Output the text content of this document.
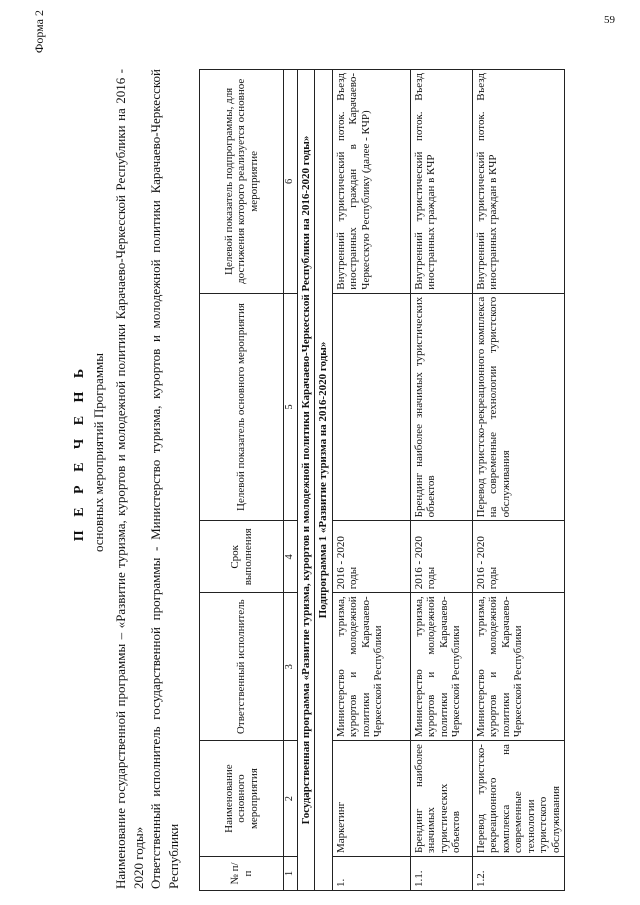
59
Форма 2
П Е Р Е Ч Е Н Ь основных мероприятий Программы Наименование государственной программы – «Развитие туризма, курортов и молодежной политики Карачаево-Черкесской Республики на 2016 - 2020 годы» Ответственный исполнитель государственной программы - Министерство туризма, курортов и молодежной политики Карачаево-Черкесской Республики	№ п/п	Наименование основного мероприятия	Ответственный исполнитель	Срок выполнения	Целевой показатель основного мероприятия	Целевой показатель подпрограммы, для достижения которого реализуется основное мероприятие
1	2	3	4	5	6
Государственная программа «Развитие туризма, курортов и молодежной политики Карачаево-Черкесской Республики на 2016-2020 годы»					
Подпрограмма 1 «Развитие туризма на 2016-2020 годы»					
1.	Маркетинг	Министерство туризма, курортов и молодежной политики Карачаево-Черкесской Республики	2016 - 2020 годы		Внутренний туристический поток. Въезд иностранных граждан в Карачаево-Черкесскую Республику (далее - КЧР)
1.1.	Брендинг наиболее значимых туристических объектов	Министерство туризма, курортов и молодежной политики Карачаево-Черкесской Республики	2016 - 2020 годы	Брендинг наиболее значимых туристических объектов	Внутренний туристический поток. Въезд иностранных граждан в КЧР
1.2.	Перевод туристско-рекреационного комплекса на современные технологии туристского обслуживания	Министерство туризма, курортов и молодежной политики Карачаево-Черкесской Республики	2016 - 2020 годы	Перевод туристско-рекреационного комплекса на современные технологии туристского обслуживания	Внутренний туристический поток. Въезд иностранных граждан в КЧР
